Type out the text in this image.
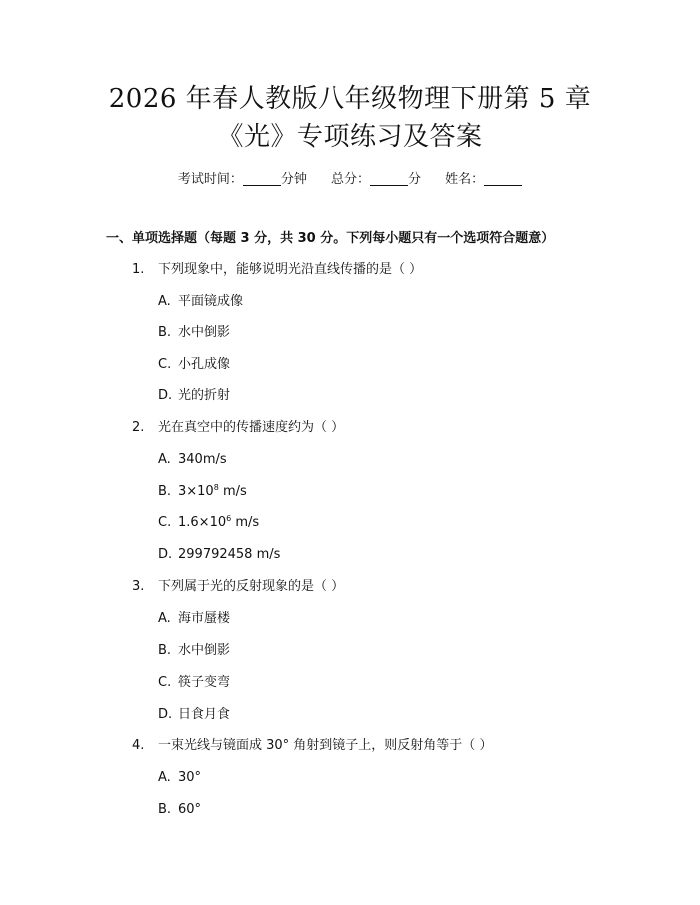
2026 年春人教版八年级物理下册第 5 章
《光》专项练习及答案
考试时间：	分钟 总分：	分 姓名：
一、单项选择题（每题 3 分，共 30 分。下列每小题只有一个选项符合题意）
1. 下列现象中，能够说明光沿直线传播的是（ ）
A. 平面镜成像
B. 水中倒影
C. 小孔成像
D. 光的折射
2. 光在真空中的传播速度约为（ ）
A. 340m/s
B. $3\times 10^8$ m/s
C. $1.6\times 10^6$ m/s
D. 299792458 m/s
3. 下列属于光的反射现象的是（ ）
A. 海市蜃楼
B. 水中倒影
C. 筷子变弯
D. 日食月食
4. 一束光线与镜面成 30° 角射到镜子上，则反射角等于（ ）
A. 30°
B. 60°
